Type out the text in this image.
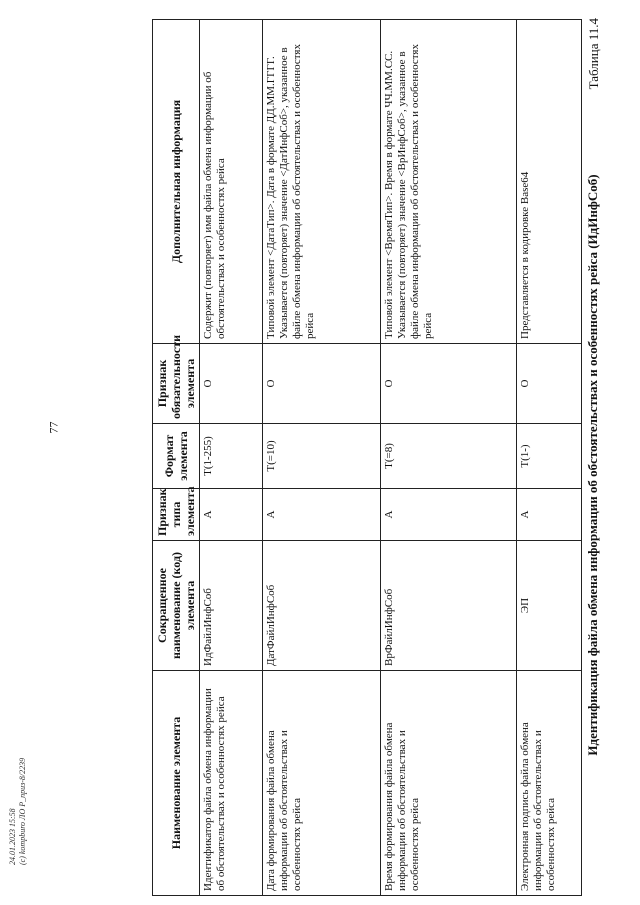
77	Идентификация файла обмена информации об обстоятельствах и особенностях рейса (ИдИнфСоб)
Таблица 11.4
Наименование элемента	Сокращенное наименование (код) элемента	Признак типа элемента	Формат элемента	Признак обязательности элемента	Дополнительная информация
Идентификатор файла обмена информации об обстоятельствах и особенностях рейса	ИдФайлИнфСоб	А	T(1-255)	О	Содержит (повторяет) имя файла обмена информации об обстоятельствах и особенностях рейса
Дата формирования файла обмена информации об обстоятельствах и особенностях рейса	ДатФайлИнфСоб	А	T(=10)	О	Типовой элемент <ДатаТип>. Дата в формате ДД.ММ.ГГГГ. Указывается (повторяет) значение <ДатИнфСоб>, указанное в файле обмена информации об обстоятельствах и особенностях рейса
Время формирования файла обмена информации об обстоятельствах и особенностях рейса	ВрФайлИнфСоб	А	T(=8)	О	Типовой элемент <ВремяТип>. Время в формате ЧЧ.ММ.СС. Указывается (повторяет) значение <ВрИнфСоб>, указанное в файле обмена информации об обстоятельствах и особенностях рейса
Электронная подпись файла обмена информации об обстоятельствах и особенностях рейса	ЭП	А	T(1-)	О	Представляется в кодировке Base64
24.01.2023 15:58 (c) kompburo ЛО Р_приз-8/2239
